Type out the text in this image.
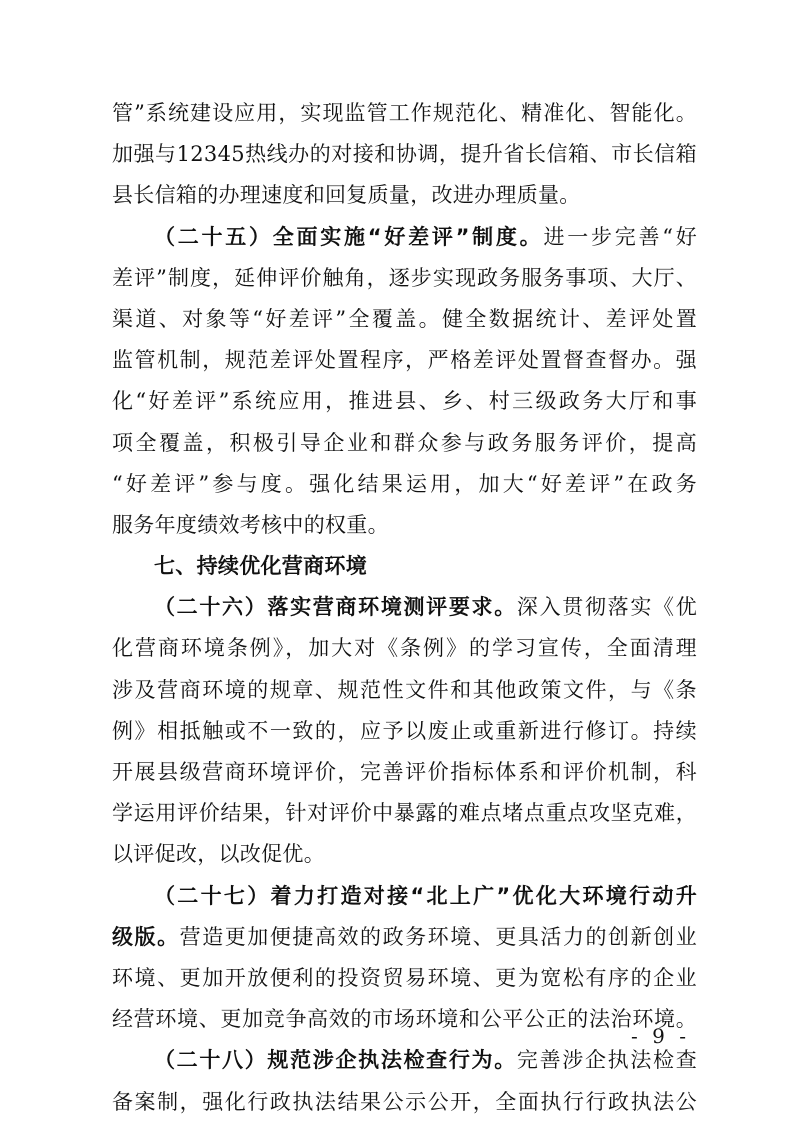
管”系统建设应用，实现监管工作规范化、精准化、智能化。
加强与12345热线办的对接和协调，提升省长信箱、市长信箱
县长信箱的办理速度和回复质量，改进办理质量。
（二十五）全面实施“好差评”制度。进一步完善“好
差评”制度，延伸评价触角，逐步实现政务服务事项、大厅、
渠道、对象等“好差评”全覆盖。健全数据统计、差评处置
监管机制，规范差评处置程序，严格差评处置督查督办。强
化“好差评”系统应用，推进县、乡、村三级政务大厅和事
项全覆盖，积极引导企业和群众参与政务服务评价，提高
“好差评”参与度。强化结果运用，加大“好差评”在政务
服务年度绩效考核中的权重。
七、持续优化营商环境
（二十六）落实营商环境测评要求。深入贯彻落实《优
化营商环境条例》，加大对《条例》的学习宣传，全面清理
涉及营商环境的规章、规范性文件和其他政策文件，与《条
例》相抵触或不一致的，应予以废止或重新进行修订。持续
开展县级营商环境评价，完善评价指标体系和评价机制，科
学运用评价结果，针对评价中暴露的难点堵点重点攻坚克难，
以评促改，以改促优。
（二十七）着力打造对接“北上广”优化大环境行动升
级版。营造更加便捷高效的政务环境、更具活力的创新创业
环境、更加开放便利的投资贸易环境、更为宽松有序的企业
经营环境、更加竞争高效的市场环境和公平公正的法治环境。
（二十八）规范涉企执法检查行为。完善涉企执法检查
备案制，强化行政执法结果公示公开，全面执行行政执法公
- 9 -
